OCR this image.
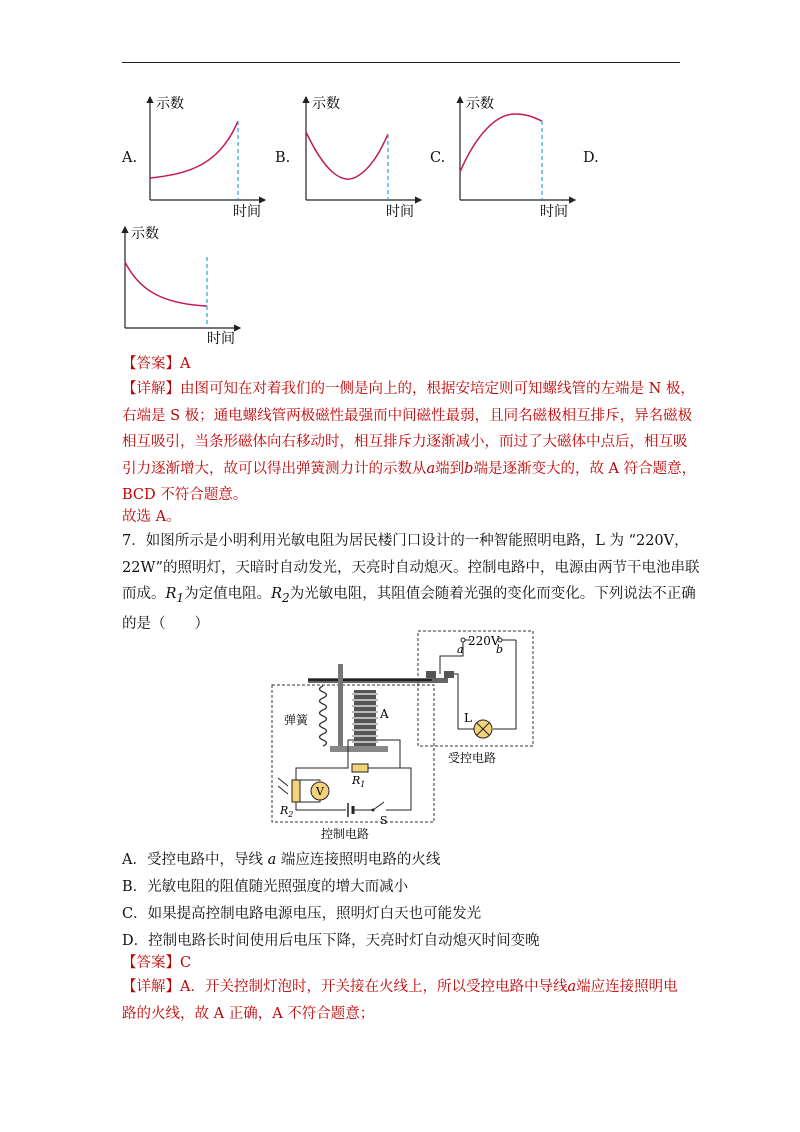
A.
示数
时间
B.
示数
时间
C.
示数
时间
D.
示数
时间
【答案】A
【详解】由图可知在对着我们的一侧是向上的，根据安培定则可知螺线管的左端是 N 极，
右端是 S 极；通电螺线管两极磁性最强而中间磁性最弱，且同名磁极相互排斥，异名磁极
相互吸引，当条形磁体向右移动时，相互排斥力逐渐减小，而过了大磁体中点后，相互吸
引力逐渐增大，故可以得出弹簧测力计的示数从a端到b端是逐渐变大的，故 A 符合题意，
BCD 不符合题意。
故选 A。
7．如图所示是小明利用光敏电阻为居民楼门口设计的一种智能照明电路，L 为 “220V，
22W”的照明灯，天暗时自动发光，天亮时自动熄灭。控制电路中，电源由两节干电池串联
而成。$R_1$为定值电阻。$R_2$为光敏电阻，其阻值会随着光强的变化而变化。下列说法不正确
的是（　　）
220V
a	b
L
受控电路
弹簧	A
$R_1$
$R_2$
V
S
控制电路
A．受控电路中，导线 a 端应连接照明电路的火线
B．光敏电阻的阻值随光照强度的增大而减小
C．如果提高控制电路电源电压，照明灯白天也可能发光
D．控制电路长时间使用后电压下降，天亮时灯自动熄灭时间变晚
【答案】C
【详解】A．开关控制灯泡时，开关接在火线上，所以受控电路中导线a端应连接照明电
路的火线，故 A 正确，A 不符合题意；
